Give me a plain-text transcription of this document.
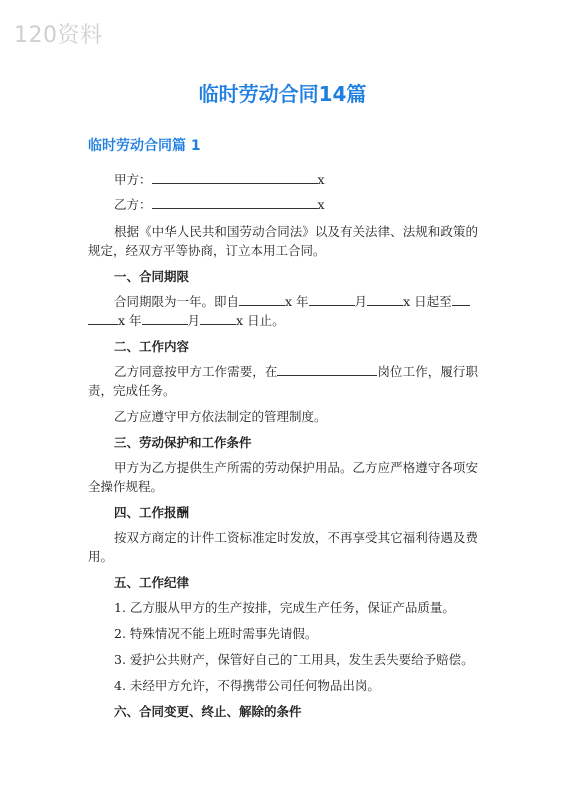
120资料
临时劳动合同14篇
临时劳动合同篇 1
甲方：	x
乙方：	x

根据《中华人民共和国劳动合同法》以及有关法律、法规和政策的规定，经双方平等协商，订立本用工合同。

一、合同期限

合同期限为一年。即自	x 年	月	x 日起至
x 年	月	x 日止。

二、工作内容

乙方同意按甲方工作需要，在	岗位工作，履行职责，完成任务。

乙方应遵守甲方依法制定的管理制度。

三、劳动保护和工作条件

甲方为乙方提供生产所需的劳动保护用品。乙方应严格遵守各项安全操作规程。

四、工作报酬

按双方商定的计件工资标准定时发放，不再享受其它福利待遇及费用。

五、工作纪律

1. 乙方服从甲方的生产按排，完成生产任务，保证产品质量。

2. 特殊情况不能上班时需事先请假。

3. 爱护公共财产，保管好自己的ˉ工用具，发生丢失要给予赔偿。

4. 未经甲方允许，不得携带公司任何物品出岗。

六、合同变更、终止、解除的条件
